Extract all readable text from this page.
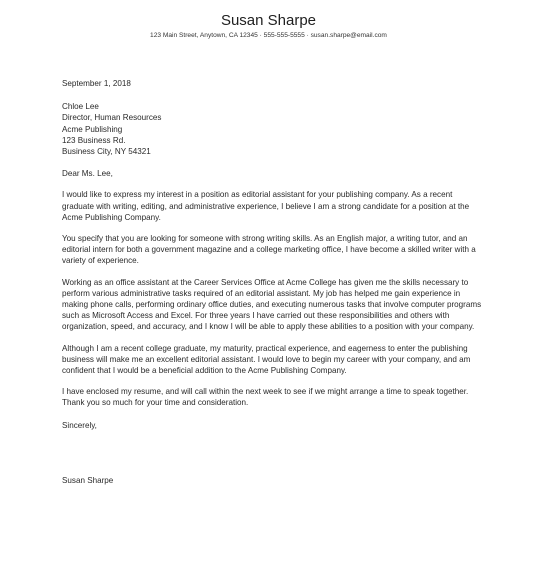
Susan Sharpe
123 Main Street, Anytown, CA 12345 · 555-555-5555 · susan.sharpe@email.com
September 1, 2018
Chloe Lee
Director, Human Resources
Acme Publishing
123 Business Rd.
Business City, NY 54321
Dear Ms. Lee,
I would like to express my interest in a position as editorial assistant for your publishing company. As a recent graduate with writing, editing, and administrative experience, I believe I am a strong candidate for a position at the Acme Publishing Company.
You specify that you are looking for someone with strong writing skills. As an English major, a writing tutor, and an editorial intern for both a government magazine and a college marketing office, I have become a skilled writer with a variety of experience.
Working as an office assistant at the Career Services Office at Acme College has given me the skills necessary to perform various administrative tasks required of an editorial assistant. My job has helped me gain experience in making phone calls, performing ordinary office duties, and executing numerous tasks that involve computer programs such as Microsoft Access and Excel. For three years I have carried out these responsibilities and others with organization, speed, and accuracy, and I know I will be able to apply these abilities to a position with your company.
Although I am a recent college graduate, my maturity, practical experience, and eagerness to enter the publishing business will make me an excellent editorial assistant. I would love to begin my career with your company, and am confident that I would be a beneficial addition to the Acme Publishing Company.
I have enclosed my resume, and will call within the next week to see if we might arrange a time to speak together. Thank you so much for your time and consideration.
Sincerely,
Susan Sharpe
